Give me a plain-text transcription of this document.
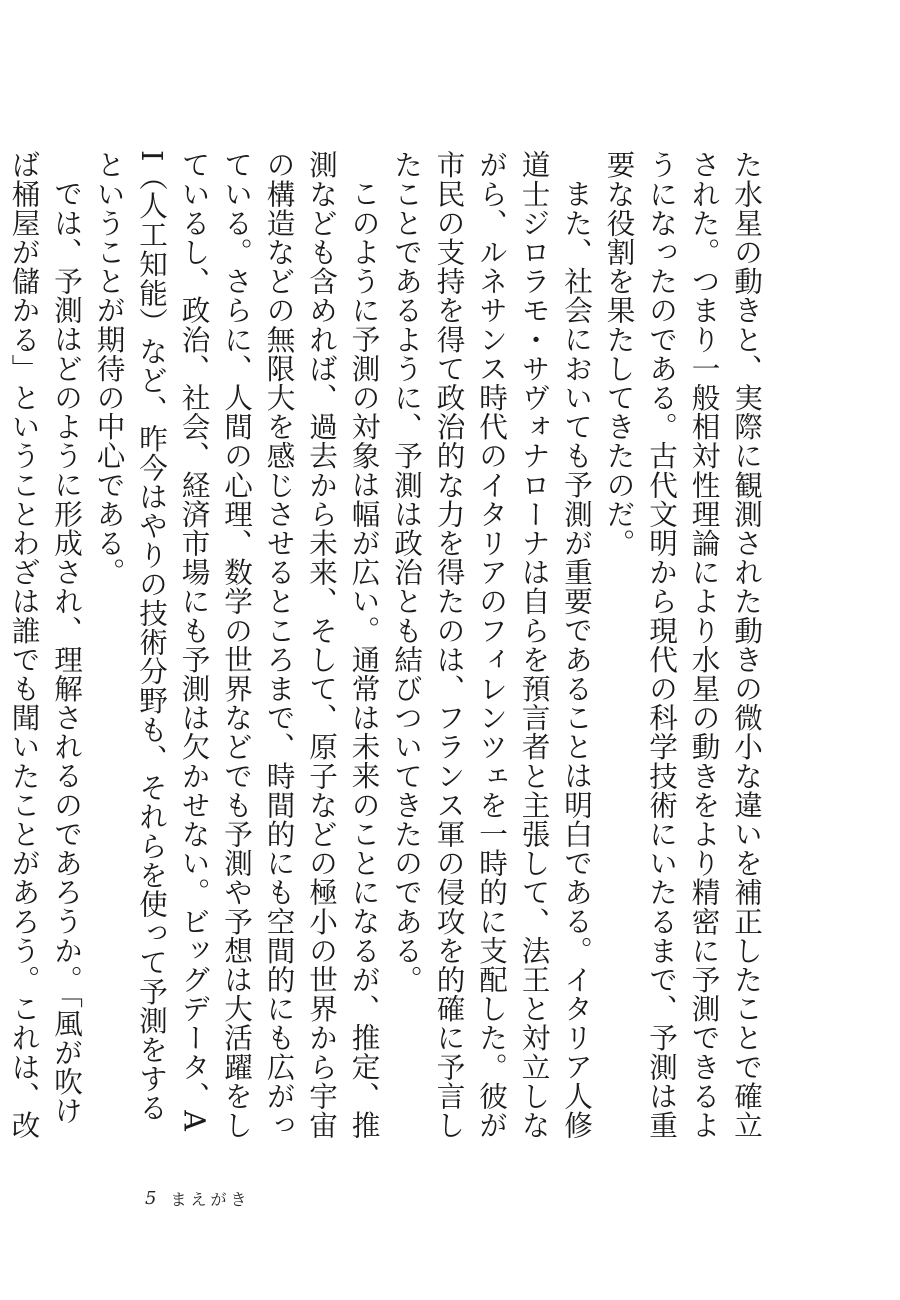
た水星の動きと、実際に観測された動きの微小な違いを補正したことで確立された。つまり一般相対性理論により水星の動きをより精密に予測できるようになったのである。古代文明から現代の科学技術にいたるまで、予測は重要な役割を果たしてきたのだ。

また、社会においても予測が重要であることは明白である。イタリア人修道士ジロラモ・サヴォナローナは自らを預言者と主張して、法王と対立しながら、ルネサンス時代のイタリアのフィレンツェを一時的に支配した。彼が市民の支持を得て政治的な力を得たのは、フランス軍の侵攻を的確に予言したことであるように、予測は政治とも結びついてきたのである。

このように予測の対象は幅が広い。通常は未来のことになるが、推定、推測なども含めれば、過去から未来、そして、原子などの極小の世界から宇宙の構造などの無限大を感じさせるところまで、時間的にも空間的にも広がっている。さらに、人間の心理、数学の世界などでも予測や予想は大活躍をしているし、政治、社会、経済市場にも予測は欠かせない。ビッグデータ、AI（人工知能）など、昨今はやりの技術分野も、それらを使って予測をするということが期待の中心である。

では、予測はどのように形成され、理解されるのであろうか。「風が吹けば桶屋が儲かる」ということわざは誰でも聞いたことがあろう。これは、改

5 まえがき
